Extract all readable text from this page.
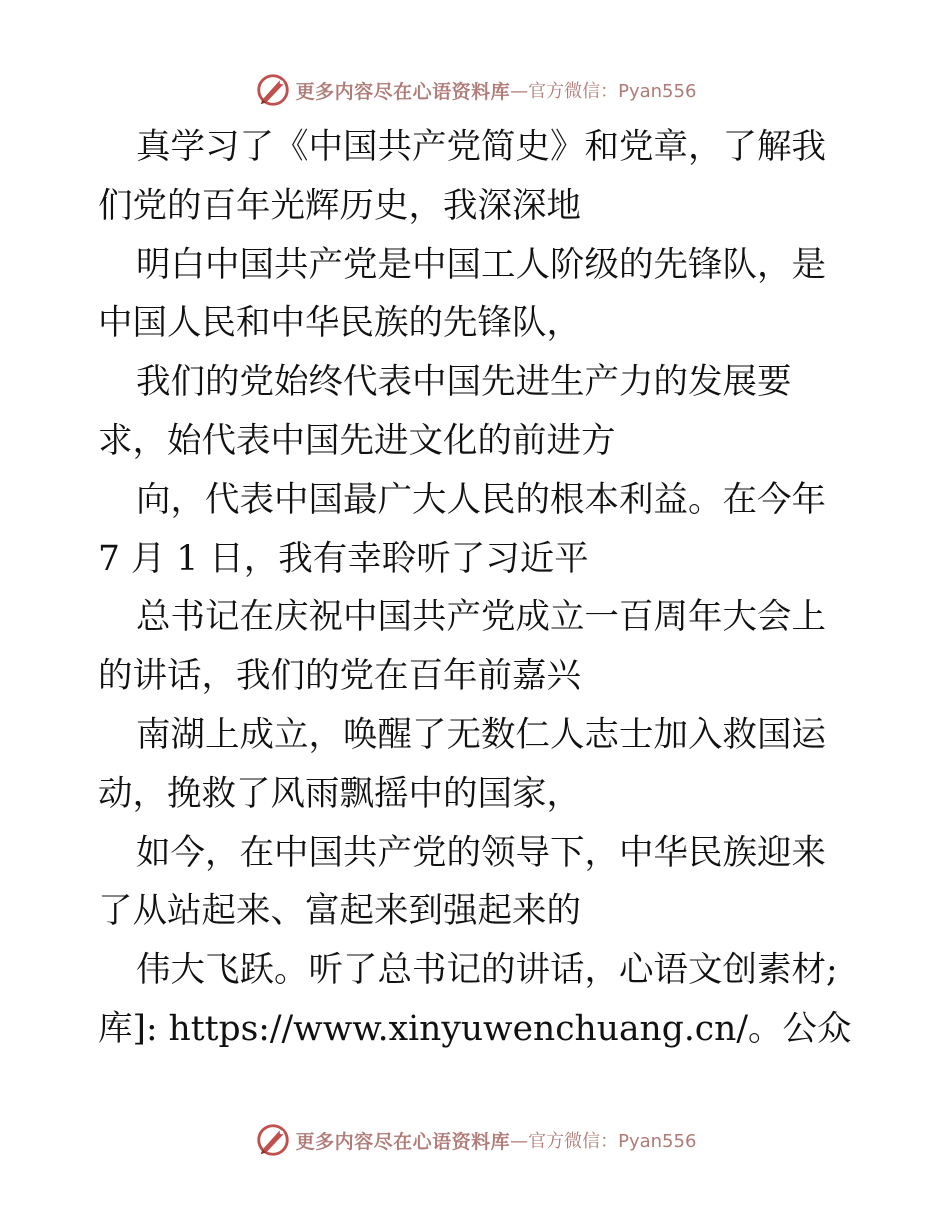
更多内容尽在心语资料库 —官方微信：Pyan556

真学习了《中国共产党简史》和党章，了解我们党的百年光辉历史，我深深地

明白中国共产党是中国工人阶级的先锋队，是中国人民和中华民族的先锋队，

我们的党始终代表中国先进生产力的发展要求，始代表中国先进文化的前进方

向，代表中国最广大人民的根本利益。在今年 7 月 1 日，我有幸聆听了习近平

总书记在庆祝中国共产党成立一百周年大会上的讲话，我们的党在百年前嘉兴

南湖上成立，唤醒了无数仁人志士加入救国运动，挽救了风雨飘摇中的国家，

如今，在中国共产党的领导下，中华民族迎来了从站起来、富起来到强起来的

伟大飞跃。听了总书记的讲话，心语文创素材;库]: https://www.xinyuwenchuang.cn/。公众

更多内容尽在心语资料库 —官方微信：Pyan556
